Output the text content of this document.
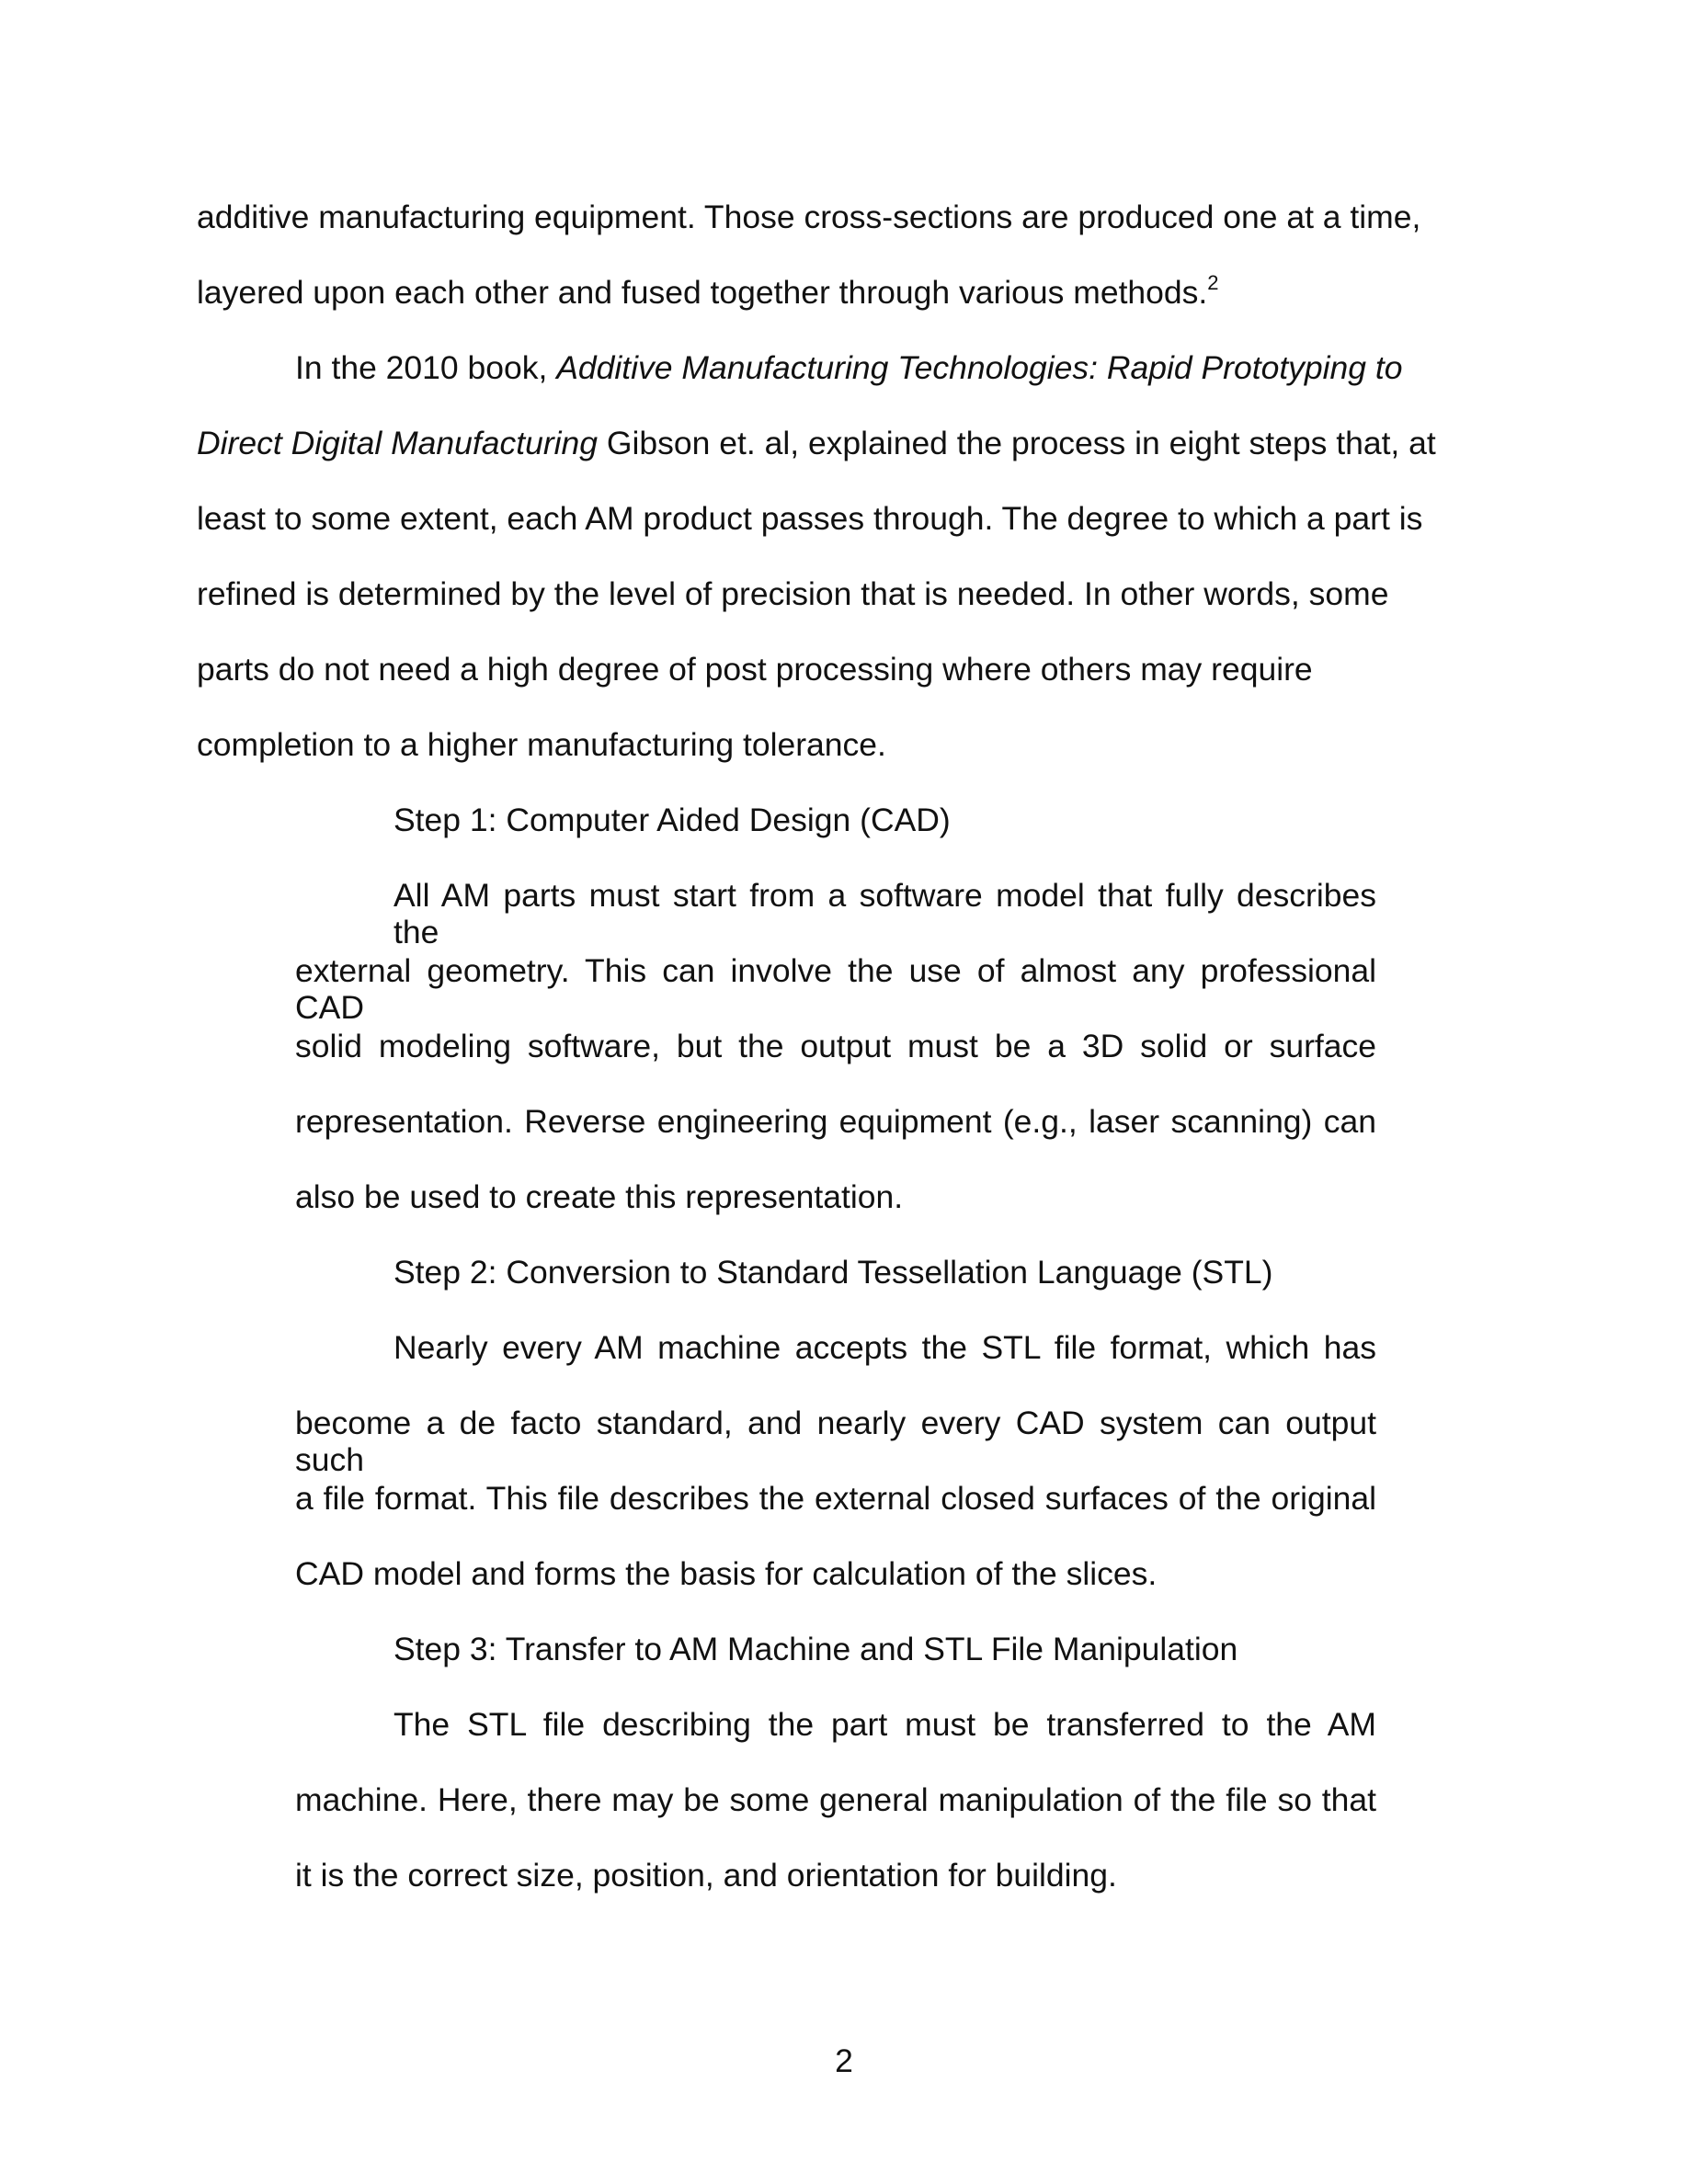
additive manufacturing equipment. Those cross-sections are produced one at a time,
layered upon each other and fused together through various methods.$^2$
In the 2010 book, Additive Manufacturing Technologies: Rapid Prototyping to
Direct Digital Manufacturing Gibson et. al, explained the process in eight steps that, at
least to some extent, each AM product passes through. The degree to which a part is
refined is determined by the level of precision that is needed. In other words, some
parts do not need a high degree of post processing where others may require
completion to a higher manufacturing tolerance.
Step 1: Computer Aided Design (CAD)
All AM parts must start from a software model that fully describes the
external geometry. This can involve the use of almost any professional CAD
solid modeling software, but the output must be a 3D solid or surface
representation. Reverse engineering equipment (e.g., laser scanning) can
also be used to create this representation.
Step 2: Conversion to Standard Tessellation Language (STL)
Nearly every AM machine accepts the STL file format, which has
become a de facto standard, and nearly every CAD system can output such
a file format. This file describes the external closed surfaces of the original
CAD model and forms the basis for calculation of the slices.
Step 3: Transfer to AM Machine and STL File Manipulation
The STL file describing the part must be transferred to the AM
machine. Here, there may be some general manipulation of the file so that
it is the correct size, position, and orientation for building.
2
